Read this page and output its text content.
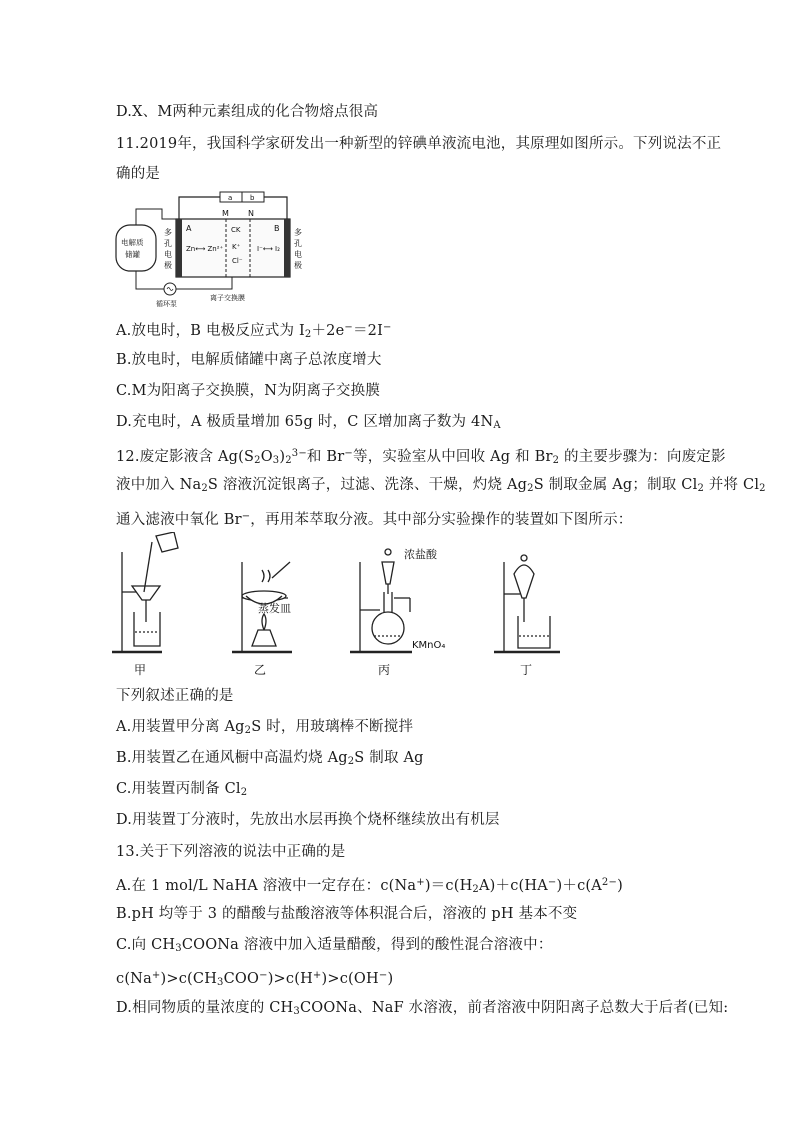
D.X、M两种元素组成的化合物熔点很高
11.2019年，我国科学家研发出一种新型的锌碘单液流电池，其原理如图所示。下列说法不正
确的是
a	b
M N
A	B
Zn⟷ Zn²⁺
CK
K⁺
Cl⁻
I⁻⟷ I₂
多
孔
电
极
多
孔
电
极
电解质
储罐
循环泵
离子交换膜
A.放电时，B 电极反应式为 $I_2+2e^-=2I^-$
B.放电时，电解质储罐中离子总浓度增大
C.M为阳离子交换膜，N为阴离子交换膜
D.充电时，A 极质量增加 65g 时，C 区增加离子数为 $4N_A$
12.废定影液含 $Ag(S_2O_3)_2^{3-}$和 Br−等，实验室从中回收 Ag 和 $Br_2$ 的主要步骤为：向废定影
液中加入 $Na_2S$ 溶液沉淀银离子，过滤、洗涤、干燥，灼烧 $Ag_2S$ 制取金属 Ag；制取 $Cl_2$ 并将 $Cl_2$
通入滤液中氧化 Br−，再用苯萃取分液。其中部分实验操作的装置如下图所示：
甲	乙	丙	丁
蒸发皿
浓盐酸
KMnO₄
下列叙述正确的是
A.用装置甲分离 $Ag_2S$ 时，用玻璃棒不断搅拌
B.用装置乙在通风橱中高温灼烧 $Ag_2S$ 制取 Ag
C.用装置丙制备 $Cl_2$
D.用装置丁分液时，先放出水层再换个烧杯继续放出有机层
13.关于下列溶液的说法中正确的是
A.在 1 mol/L NaHA 溶液中一定存在：$c(Na^+)=c(H_2A)+c(HA^-)+c(A^{2-})$
B.pH 均等于 3 的醋酸与盐酸溶液等体积混合后，溶液的 pH 基本不变
C.向 $CH_3COONa$ 溶液中加入适量醋酸，得到的酸性混合溶液中：
$c(Na^+)>c(CH_3COO^-)>c(H^+)>c(OH^-)$
D.相同物质的量浓度的 $CH_3COONa$、NaF 水溶液，前者溶液中阴阳离子总数大于后者(已知:
